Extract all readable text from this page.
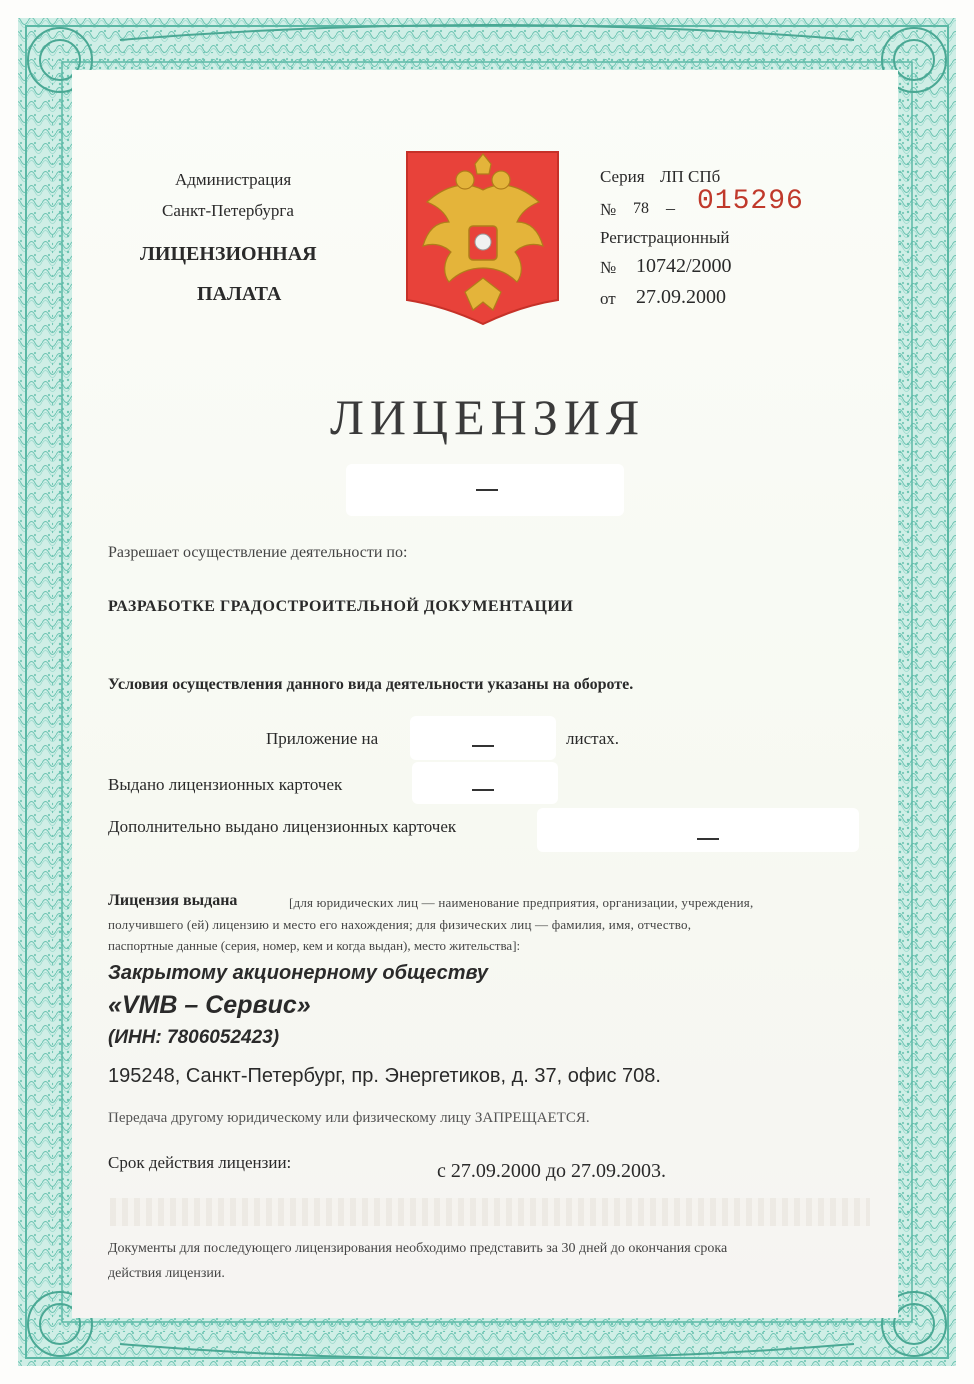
Администрация
Санкт-Петербурга
ЛИЦЕНЗИОННАЯ
ПАЛАТА
Серия ЛП СПб
№ 78 – 015296
Регистрационный
№ 10742/2000
от 27.09.2000
ЛИЦЕНЗИЯ
Разрешает осуществление деятельности по:
РАЗРАБОТКЕ ГРАДОСТРОИТЕЛЬНОЙ ДОКУМЕНТАЦИИ
Условия осуществления данного вида деятельности указаны на обороте.
Приложение на	листах.
Выдано лицензионных карточек
Дополнительно выдано лицензионных карточек
Лицензия выдана	[для юридических лиц — наименование предприятия, организации, учреждения,
получившего (ей) лицензию и место его нахождения; для физических лиц — фамилия, имя, отчество,
паспортные данные (серия, номер, кем и когда выдан), место жительства]:
Закрытому акционерному обществу
«VMB – Сервис»
(ИНН: 7806052423)
195248, Санкт-Петербург, пр. Энергетиков, д. 37, офис 708.
Передача другому юридическому или физическому лицу ЗАПРЕЩАЕТСЯ.
Срок действия лицензии:	с 27.09.2000 до 27.09.2003.
Документы для последующего лицензирования необходимо представить за 30 дней до окончания срока
действия лицензии.
